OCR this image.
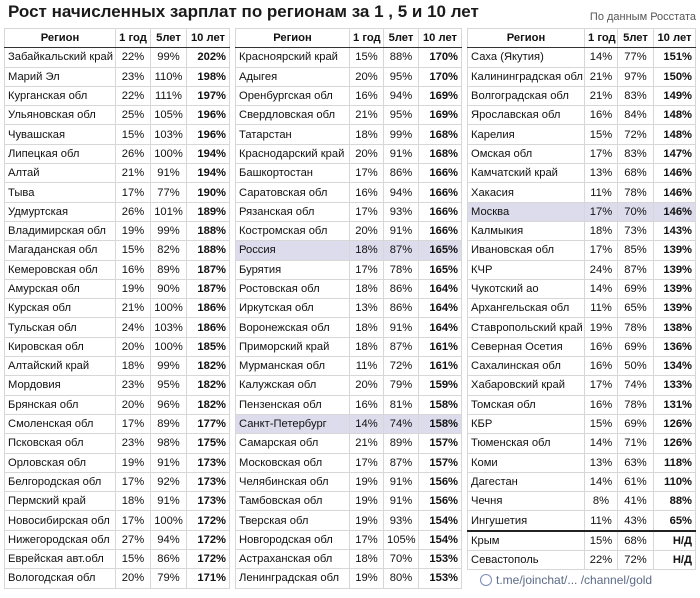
Рост начисленных зарплат по регионам за 1 , 5 и 10 лет	По данным Росстата
Регион	1 год	5лет	10 лет
Забайкальский край	22%	99%	202%
Марий Эл	23%	110%	198%
Курганская обл	22%	111%	197%
Ульяновская обл	25%	105%	196%
Чувашская	15%	103%	196%
Липецкая обл	26%	100%	194%
Алтай	21%	91%	194%
Тыва	17%	77%	190%
Удмуртская	26%	101%	189%
Владимирская обл	19%	99%	188%
Магаданская обл	15%	82%	188%
Кемеровская обл	16%	89%	187%
Амурская обл	19%	90%	187%
Курская обл	21%	100%	186%
Тульская обл	24%	103%	186%
Кировская обл	20%	100%	185%
Алтайский край	18%	99%	182%
Мордовия	23%	95%	182%
Брянская обл	20%	96%	182%
Смоленская обл	17%	89%	177%
Псковская обл	23%	98%	175%
Орловская обл	19%	91%	173%
Белгородская обл	17%	92%	173%
Пермский край	18%	91%	173%
Новосибирская обл	17%	100%	172%
Нижегородская обл	27%	94%	172%
Еврейская авт.обл	15%	86%	172%
Вологодская обл	20%	79%	171%
Регион	1 год	5лет	10 лет
Красноярский край	15%	88%	170%
Адыгея	20%	95%	170%
Оренбургская обл	16%	94%	169%
Свердловская обл	21%	95%	169%
Татарстан	18%	99%	168%
Краснодарский край	20%	91%	168%
Башкортостан	17%	86%	166%
Саратовская обл	16%	94%	166%
Рязанская обл	17%	93%	166%
Костромская обл	20%	91%	166%
Россия	18%	87%	165%
Бурятия	17%	78%	165%
Ростовская обл	18%	86%	164%
Иркутская обл	13%	86%	164%
Воронежская обл	18%	91%	164%
Приморский край	18%	87%	161%
Мурманская обл	11%	72%	161%
Калужская обл	20%	79%	159%
Пензенская обл	16%	81%	158%
Санкт-Петербург	14%	74%	158%
Самарская обл	21%	89%	157%
Московская обл	17%	87%	157%
Челябинская обл	19%	91%	156%
Тамбовская обл	19%	91%	156%
Тверская обл	19%	93%	154%
Новгородская обл	17%	105%	154%
Астраханская обл	18%	70%	153%
Ленинградская обл	19%	80%	153%
Регион	1 год	5лет	10 лет
Саха (Якутия)	14%	77%	151%
Калининградская обл	21%	97%	150%
Волгоградская обл	21%	83%	149%
Ярославская обл	16%	84%	148%
Карелия	15%	72%	148%
Омская обл	17%	83%	147%
Камчатский край	13%	68%	146%
Хакасия	11%	78%	146%
Москва	17%	70%	146%
Калмыкия	18%	73%	143%
Ивановская обл	17%	85%	139%
КЧР	24%	87%	139%
Чукотский ао	14%	69%	139%
Архангельская обл	11%	65%	139%
Ставропольский край	19%	78%	138%
Северная Осетия	16%	69%	136%
Сахалинская обл	16%	50%	134%
Хабаровский край	17%	74%	133%
Томская обл	16%	78%	131%
КБР	15%	69%	126%
Тюменская обл	14%	71%	126%
Коми	13%	63%	118%
Дагестан	14%	61%	110%
Чечня	8%	41%	88%
Ингушетия	11%	43%	65%
Крым	15%	68%	Н/Д
Севастополь	22%	72%	Н/Д
t.me/joinchat/... /channel/gold
